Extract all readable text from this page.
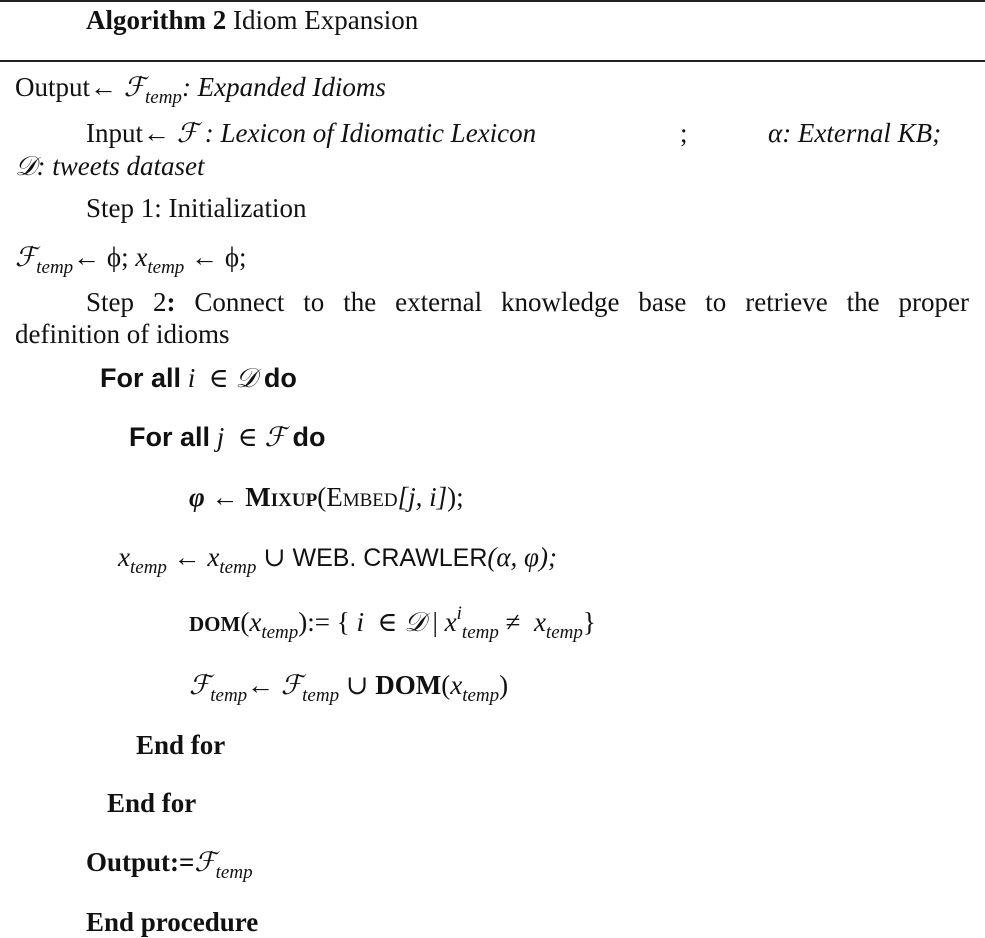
Algorithm 2 Idiom Expansion
Output← ℱ$_{temp}$: Expanded Idioms
Input← ℱ : Lexicon of Idiomatic Lexicon	;	α: External KB;
𝒟: tweets dataset
Step 1: Initialization
ℱ$_{temp}$← ϕ; $x_{temp}$ ← ϕ;
Step 2: Connect to the external knowledge base to retrieve the proper
definition of idioms
For all i ∈ 𝒟 do
For all j ∈ ℱ do
φ ← Mixup(Embed[j, i]);
$x_{temp}$ ← $x_{temp}$ ∪ WEB. CRAWLER(α, φ);
$DOM(x_{temp}):=$ { i ∈ 𝒟 | $x^i_{temp} \ne x_{temp}$}
ℱ$_{temp}$← ℱ$_{temp}$ ∪ $DOM(x_{temp})$
End for
End for
Output:=ℱ$_{temp}$
End procedure
